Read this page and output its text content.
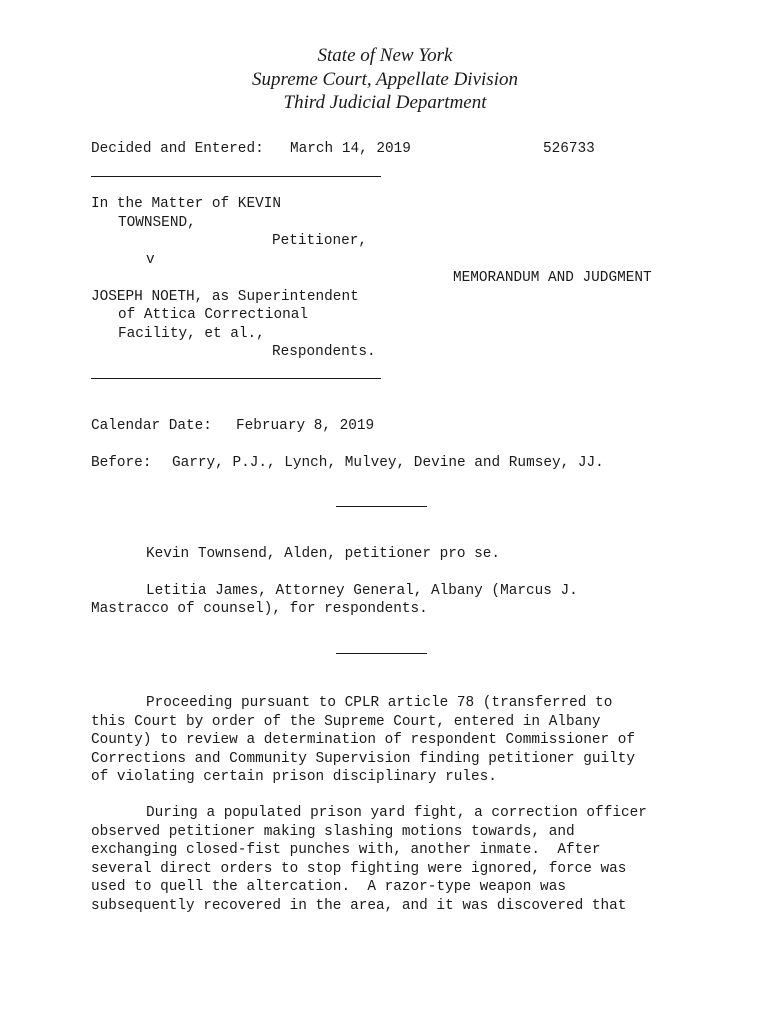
State of New York
Supreme Court, Appellate Division
Third Judicial Department
Decided and Entered: March 14, 2019	526733
In the Matter of KEVIN
TOWNSEND,
Petitioner,
v
MEMORANDUM AND JUDGMENT
JOSEPH NOETH, as Superintendent
of Attica Correctional
Facility, et al.,
Respondents.
Calendar Date: February 8, 2019
Before: Garry, P.J., Lynch, Mulvey, Devine and Rumsey, JJ.
Kevin Townsend, Alden, petitioner pro se.
Letitia James, Attorney General, Albany (Marcus J.
Mastracco of counsel), for respondents.
Proceeding pursuant to CPLR article 78 (transferred to
this Court by order of the Supreme Court, entered in Albany
County) to review a determination of respondent Commissioner of
Corrections and Community Supervision finding petitioner guilty
of violating certain prison disciplinary rules.
During a populated prison yard fight, a correction officer
observed petitioner making slashing motions towards, and
exchanging closed-fist punches with, another inmate.  After
several direct orders to stop fighting were ignored, force was
used to quell the altercation.  A razor-type weapon was
subsequently recovered in the area, and it was discovered that
